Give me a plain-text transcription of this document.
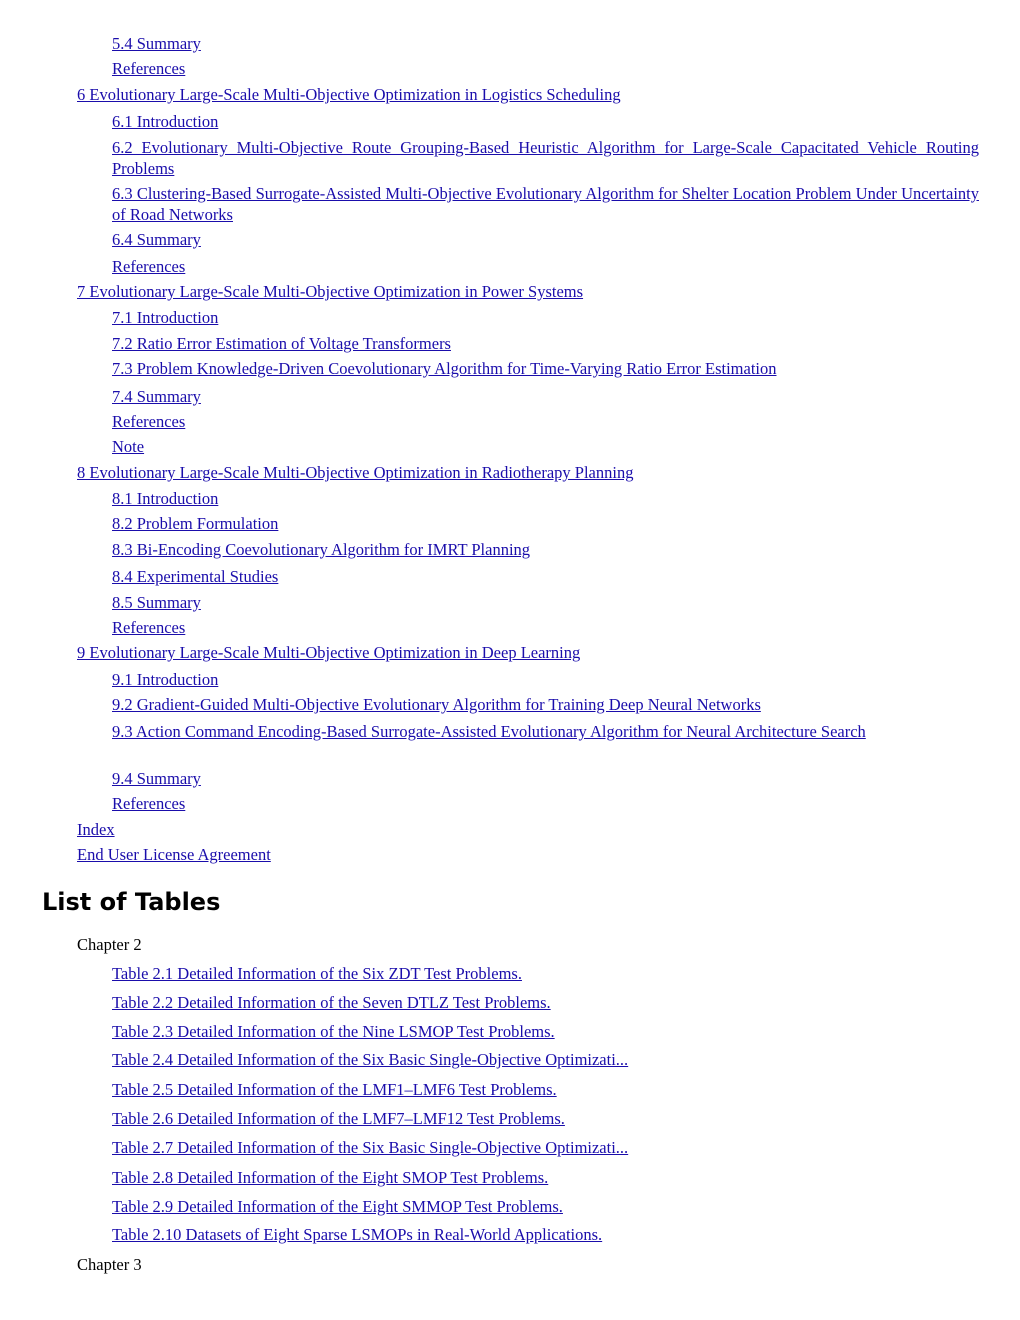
5.4 Summary
References
6 Evolutionary Large-Scale Multi-Objective Optimization in Logistics Scheduling
6.1 Introduction
6.2 Evolutionary Multi-Objective Route Grouping-Based Heuristic Algorithm for Large-Scale Capacitated Vehicle Routing Problems
6.3 Clustering-Based Surrogate-Assisted Multi-Objective Evolutionary Algorithm for Shelter Location Problem Under Uncertainty of Road Networks
6.4 Summary
References
7 Evolutionary Large-Scale Multi-Objective Optimization in Power Systems
7.1 Introduction
7.2 Ratio Error Estimation of Voltage Transformers
7.3 Problem Knowledge-Driven Coevolutionary Algorithm for Time-Varying Ratio Error Estimation
7.4 Summary
References
Note
8 Evolutionary Large-Scale Multi-Objective Optimization in Radiotherapy Planning
8.1 Introduction
8.2 Problem Formulation
8.3 Bi-Encoding Coevolutionary Algorithm for IMRT Planning
8.4 Experimental Studies
8.5 Summary
References
9 Evolutionary Large-Scale Multi-Objective Optimization in Deep Learning
9.1 Introduction
9.2 Gradient-Guided Multi-Objective Evolutionary Algorithm for Training Deep Neural Networks
9.3 Action Command Encoding-Based Surrogate-Assisted Evolutionary Algorithm for Neural Architecture Search
9.4 Summary
References
Index
End User License Agreement
List of Tables
Chapter 2
Table 2.1 Detailed Information of the Six ZDT Test Problems.
Table 2.2 Detailed Information of the Seven DTLZ Test Problems.
Table 2.3 Detailed Information of the Nine LSMOP Test Problems.
Table 2.4 Detailed Information of the Six Basic Single-Objective Optimizati...
Table 2.5 Detailed Information of the LMF1–LMF6 Test Problems.
Table 2.6 Detailed Information of the LMF7–LMF12 Test Problems.
Table 2.7 Detailed Information of the Six Basic Single-Objective Optimizati...
Table 2.8 Detailed Information of the Eight SMOP Test Problems.
Table 2.9 Detailed Information of the Eight SMMOP Test Problems.
Table 2.10 Datasets of Eight Sparse LSMOPs in Real-World Applications.
Chapter 3
